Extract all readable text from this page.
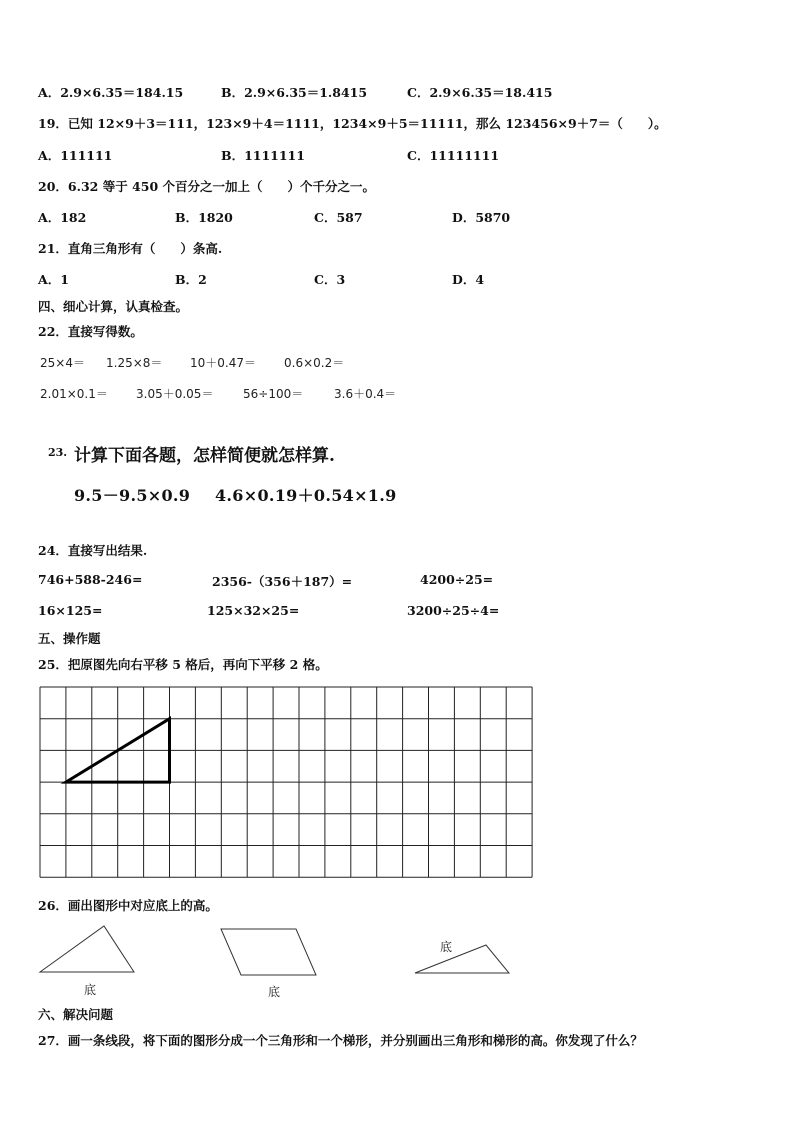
A．2.9×6.35＝184.15	B．2.9×6.35＝1.8415	C．2.9×6.35＝18.415
19．已知 12×9＋3＝111，123×9＋4＝1111，1234×9＋5＝11111，那么 123456×9＋7＝（　　）。
A．111111	B．1111111	C．11111111
20．6.32 等于 450 个百分之一加上（　　）个千分之一。
A．182	B．1820	C．587	D．5870
21．直角三角形有（　　）条高.
A．1	B．2	C．3	D．4
四、细心计算，认真检查。
22．直接写得数。
25×4＝ 1.25×8＝ 10＋0.47＝ 0.6×0.2＝
2.01×0.1＝ 3.05＋0.05＝ 56÷100＝	3.6＋0.4＝
23. 计算下面各题，怎样简便就怎样算.
9.5－9.5×0.9 4.6×0.19＋0.54×1.9
24．直接写出结果.
746+588-246=	2356-（356＋187）=	4200÷25=
16×125=	125×32×25=	3200÷25÷4=
五、操作题
25．把原图先向右平移 5 格后，再向下平移 2 格。
26．画出图形中对应底上的高。
底	底
底
六、解决问题
27．画一条线段，将下面的图形分成一个三角形和一个梯形，并分别画出三角形和梯形的高。你发现了什么？
